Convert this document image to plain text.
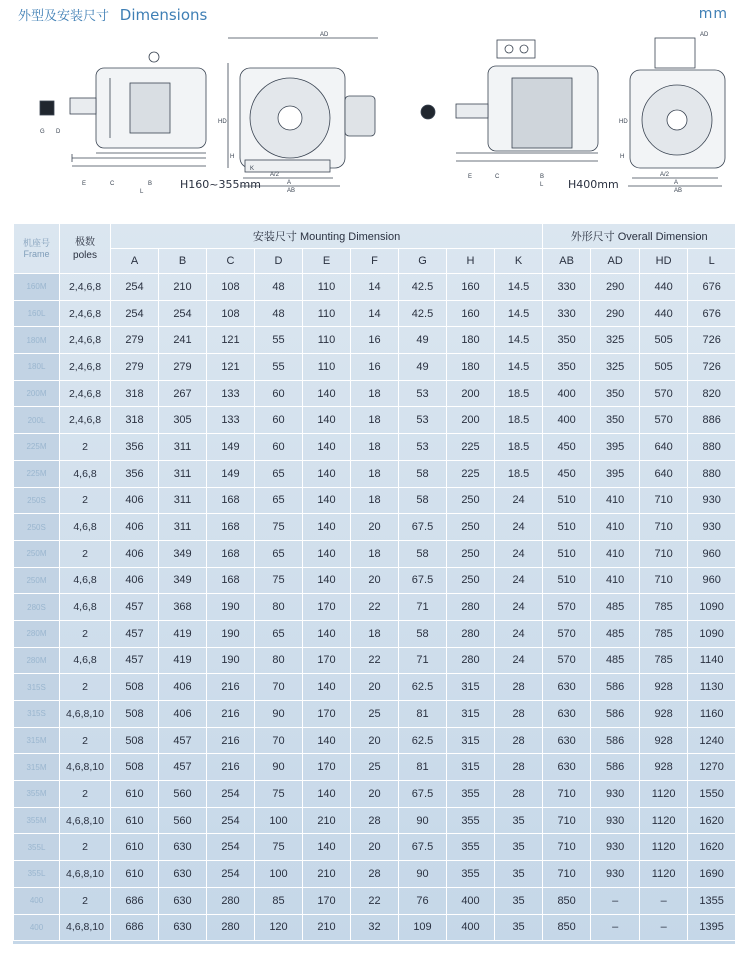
外型及安装尺寸 Dimensions	mm
AD
HD
H
A/2
A
AB
E	C	B
L
D
G
K
AD
HD
H
A/2
A
AB
E	C	B
L
H160~355mm	H400mm
机座号
Frame	极数
poles	安装尺寸 Mounting Dimension									外形尺寸 Overall Dimension			
		A	B	C	D	E	F	G	H	K	AB	AD	HD	L
160M	2,4,6,8	254	210	108	48	110	14	42.5	160	14.5	330	290	440	676
160L	2,4,6,8	254	254	108	48	110	14	42.5	160	14.5	330	290	440	676
180M	2,4,6,8	279	241	121	55	110	16	49	180	14.5	350	325	505	726
180L	2,4,6,8	279	279	121	55	110	16	49	180	14.5	350	325	505	726
200M	2,4,6,8	318	267	133	60	140	18	53	200	18.5	400	350	570	820
200L	2,4,6,8	318	305	133	60	140	18	53	200	18.5	400	350	570	886
225M	2	356	311	149	60	140	18	53	225	18.5	450	395	640	880
225M	4,6,8	356	311	149	65	140	18	58	225	18.5	450	395	640	880
250S	2	406	311	168	65	140	18	58	250	24	510	410	710	930
250S	4,6,8	406	311	168	75	140	20	67.5	250	24	510	410	710	930
250M	2	406	349	168	65	140	18	58	250	24	510	410	710	960
250M	4,6,8	406	349	168	75	140	20	67.5	250	24	510	410	710	960
280S	4,6,8	457	368	190	80	170	22	71	280	24	570	485	785	1090
280M	2	457	419	190	65	140	18	58	280	24	570	485	785	1090
280M	4,6,8	457	419	190	80	170	22	71	280	24	570	485	785	1140
315S	2	508	406	216	70	140	20	62.5	315	28	630	586	928	1130
315S	4,6,8,10	508	406	216	90	170	25	81	315	28	630	586	928	1160
315M	2	508	457	216	70	140	20	62.5	315	28	630	586	928	1240
315M	4,6,8,10	508	457	216	90	170	25	81	315	28	630	586	928	1270
355M	2	610	560	254	75	140	20	67.5	355	28	710	930	1120	1550
355M	4,6,8,10	610	560	254	100	210	28	90	355	35	710	930	1120	1620
355L	2	610	630	254	75	140	20	67.5	355	35	710	930	1120	1620
355L	4,6,8,10	610	630	254	100	210	28	90	355	35	710	930	1120	1690
400	2	686	630	280	85	170	22	76	400	35	850	–	–	1355
400	4,6,8,10	686	630	280	120	210	32	109	400	35	850	–	–	1395
